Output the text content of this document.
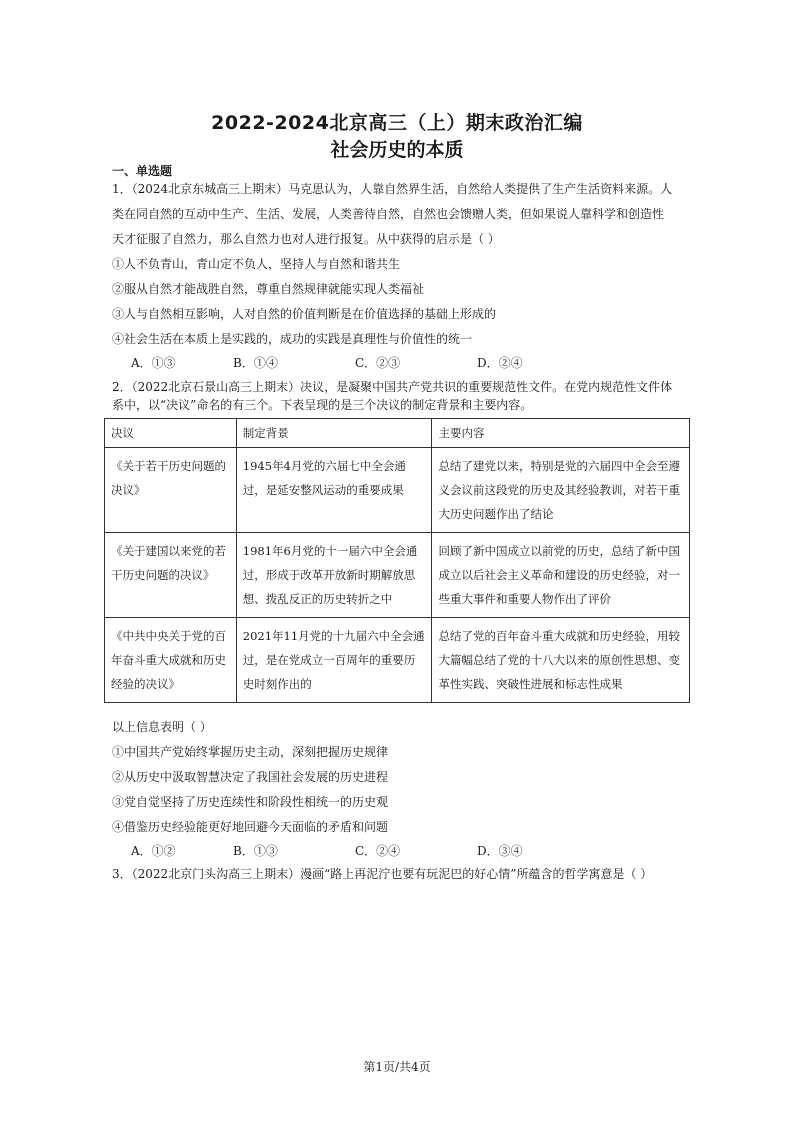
2022-2024北京高三（上）期末政治汇编
社会历史的本质
一、单选题
1．（2024北京东城高三上期末）马克思认为，人靠自然界生活，自然给人类提供了生产生活资料来源。人
类在同自然的互动中生产、生活、发展，人类善待自然，自然也会馈赠人类，但如果说人靠科学和创造性
天才征服了自然力，那么自然力也对人进行报复。从中获得的启示是（ ）
①人不负青山，青山定不负人，坚持人与自然和谐共生
②服从自然才能战胜自然，尊重自然规律就能实现人类福祉
③人与自然相互影响，人对自然的价值判断是在价值选择的基础上形成的
④社会生活在本质上是实践的，成功的实践是真理性与价值性的统一
A．①③	B．①④	C．②③	D．②④
2．（2022北京石景山高三上期末）决议，是凝聚中国共产党共识的重要规范性文件。在党内规范性文件体
系中，以“决议”命名的有三个。下表呈现的是三个决议的制定背景和主要内容。
决议	制定背景	主要内容
《关于若干历史问题的决议》	1945年4月党的六届七中全会通过，是延安整风运动的重要成果	总结了建党以来，特别是党的六届四中全会至遵义会议前这段党的历史及其经验教训，对若干重大历史问题作出了结论
《关于建国以来党的若干历史问题的决议》	1981年6月党的十一届六中全会通过，形成于改革开放新时期解放思想、拨乱反正的历史转折之中	回顾了新中国成立以前党的历史，总结了新中国成立以后社会主义革命和建设的历史经验，对一些重大事件和重要人物作出了评价
《中共中央关于党的百年奋斗重大成就和历史经验的决议》	2021年11月党的十九届六中全会通过，是在党成立一百周年的重要历史时刻作出的	总结了党的百年奋斗重大成就和历史经验，用较大篇幅总结了党的十八大以来的原创性思想、变革性实践、突破性进展和标志性成果
以上信息表明（ ）
①中国共产党始终掌握历史主动，深刻把握历史规律
②从历史中汲取智慧决定了我国社会发展的历史进程
③党自觉坚持了历史连续性和阶段性相统一的历史观
④借鉴历史经验能更好地回避今天面临的矛盾和问题
A．①②	B．①③	C．②④	D．③④
3．（2022北京门头沟高三上期末）漫画“路上再泥泞也要有玩泥巴的好心情”所蕴含的哲学寓意是（ ）
第1页/共4页
